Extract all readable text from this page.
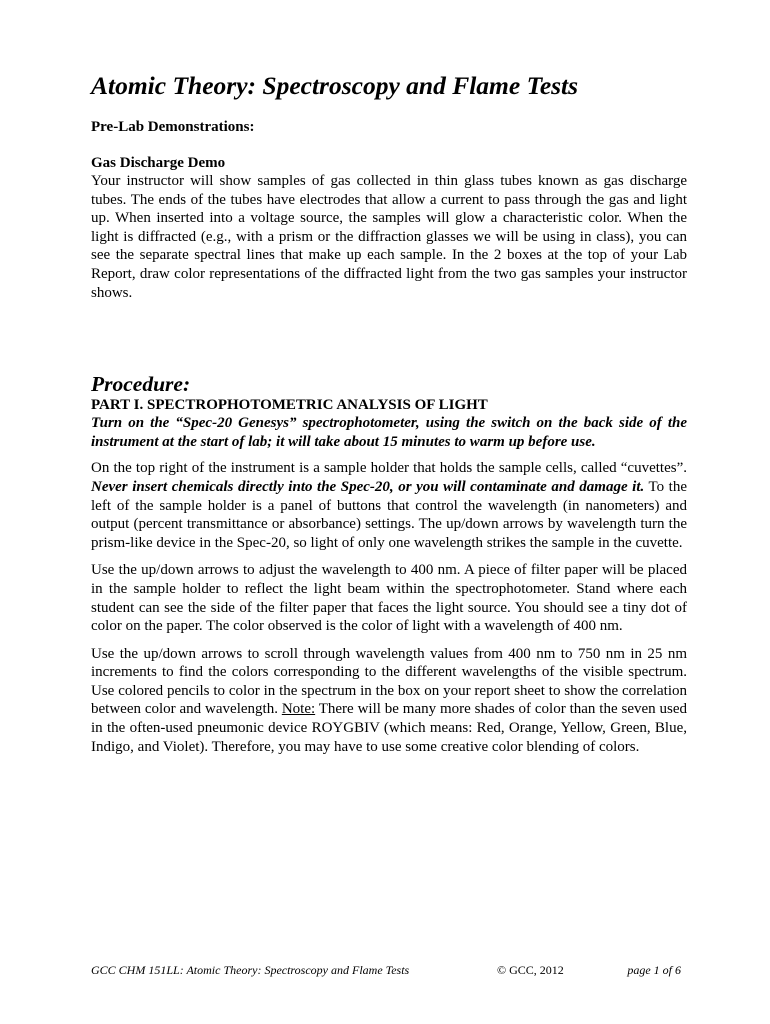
Atomic Theory: Spectroscopy and Flame Tests

Pre-Lab Demonstrations:

Gas Discharge Demo

Your instructor will show samples of gas collected in thin glass tubes known as gas discharge tubes. The ends of the tubes have electrodes that allow a current to pass through the gas and light up. When inserted into a voltage source, the samples will glow a characteristic color. When the light is diffracted (e.g., with a prism or the diffraction glasses we will be using in class), you can see the separate spectral lines that make up each sample. In the 2 boxes at the top of your Lab Report, draw color representations of the diffracted light from the two gas samples your instructor shows.

Procedure:

PART I. SPECTROPHOTOMETRIC ANALYSIS OF LIGHT

Turn on the “Spec-20 Genesys” spectrophotometer, using the switch on the back side of the instrument at the start of lab; it will take about 15 minutes to warm up before use.

On the top right of the instrument is a sample holder that holds the sample cells, called “cuvettes”. Never insert chemicals directly into the Spec-20, or you will contaminate and damage it. To the left of the sample holder is a panel of buttons that control the wavelength (in nanometers) and output (percent transmittance or absorbance) settings. The up/down arrows by wavelength turn the prism-like device in the Spec-20, so light of only one wavelength strikes the sample in the cuvette.

Use the up/down arrows to adjust the wavelength to 400 nm. A piece of filter paper will be placed in the sample holder to reflect the light beam within the spectrophotometer. Stand where each student can see the side of the filter paper that faces the light source. You should see a tiny dot of color on the paper. The color observed is the color of light with a wavelength of 400 nm.

Use the up/down arrows to scroll through wavelength values from 400 nm to 750 nm in 25 nm increments to find the colors corresponding to the different wavelengths of the visible spectrum. Use colored pencils to color in the spectrum in the box on your report sheet to show the correlation between color and wavelength. Note: There will be many more shades of color than the seven used in the often-used pneumonic device ROYGBIV (which means: Red, Orange, Yellow, Green, Blue, Indigo, and Violet). Therefore, you may have to use some creative color blending of colors.

GCC CHM 151LL: Atomic Theory: Spectroscopy and Flame Tests	© GCC, 2012	page 1 of 6
